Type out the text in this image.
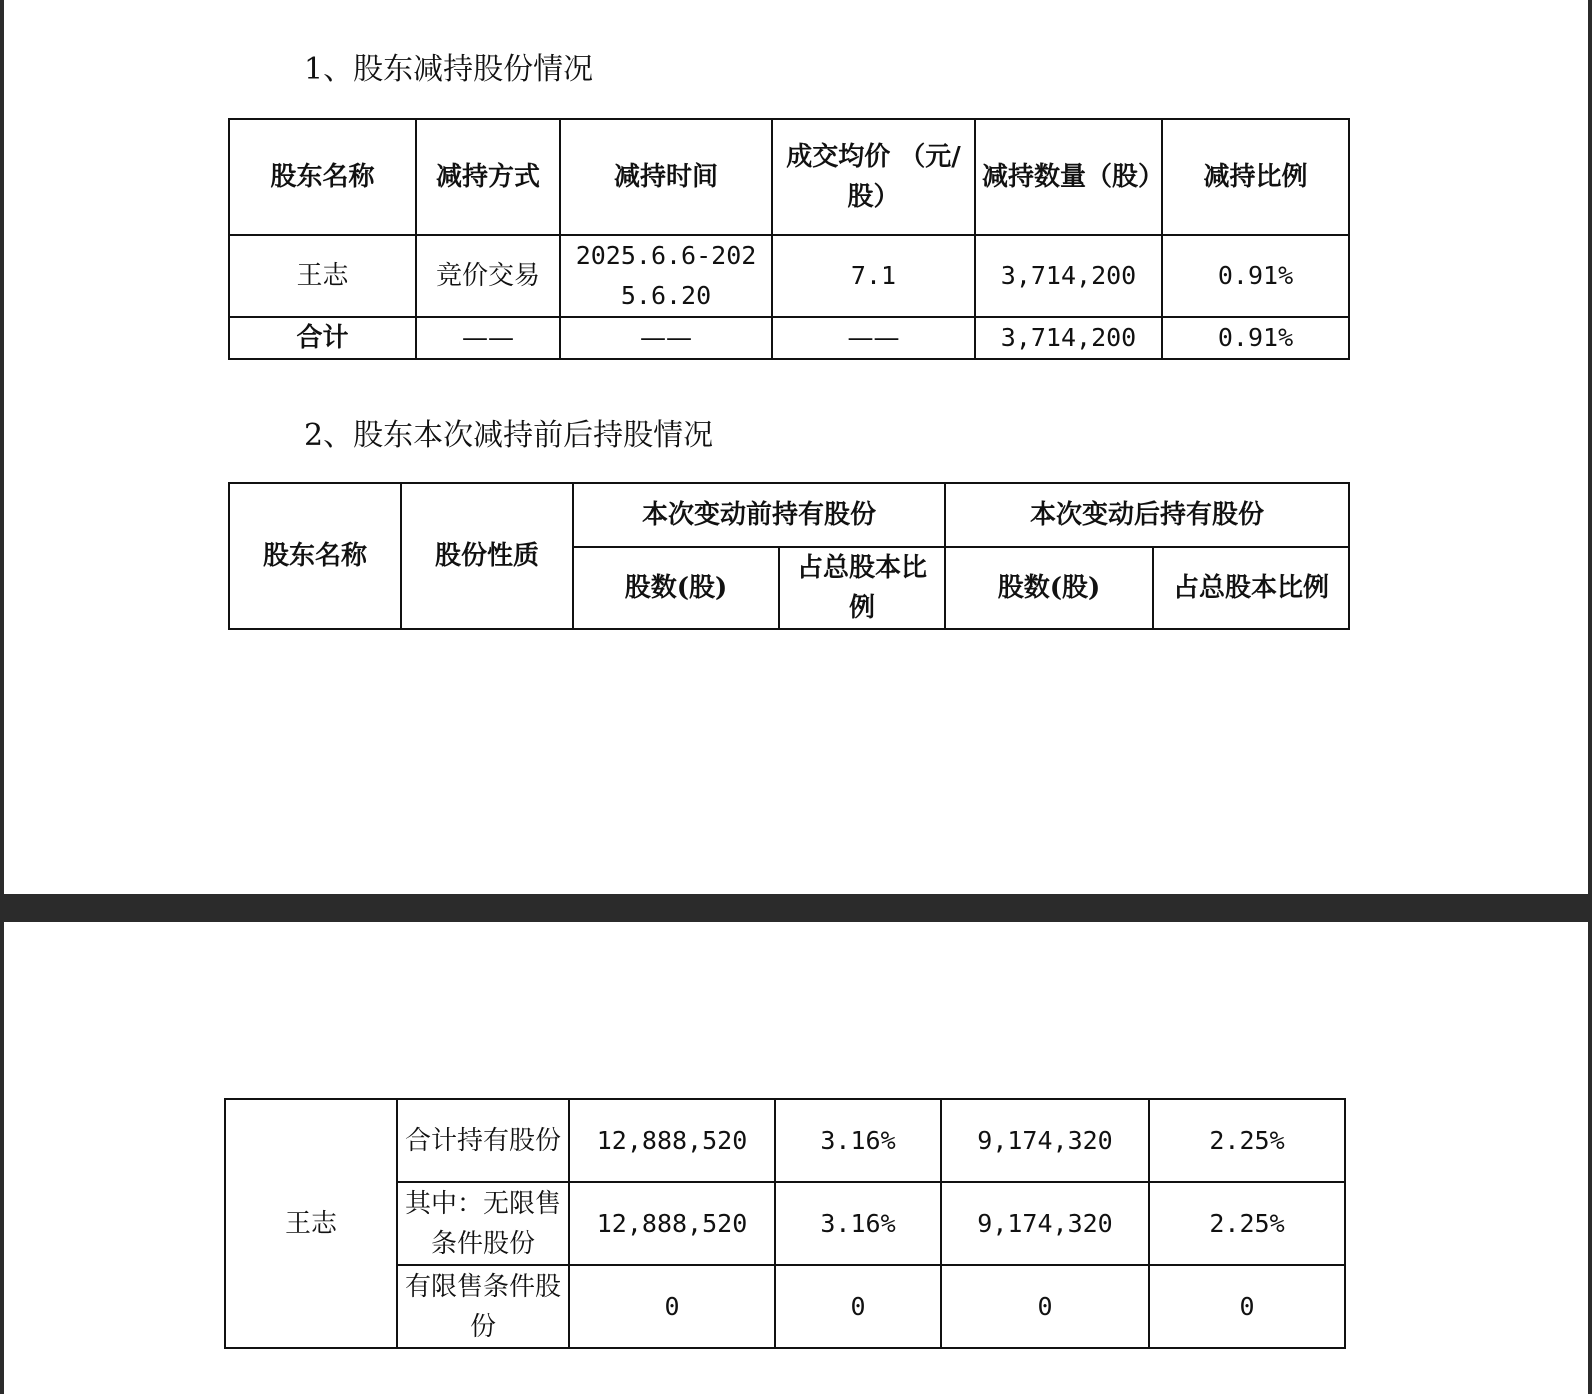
1、股东减持股份情况
股东名称	减持方式	减持时间	成交均价 （元/股）	减持数量（股）	减持比例
王志	竞价交易	2025.6.6-2025.6.20	7.1	3,714,200	0.91%
合计	——	——	——	3,714,200	0.91%
2、股东本次减持前后持股情况
股东名称	股份性质	本次变动前持有股份		本次变动后持有股份	
		股数(股)	占总股本比例	股数(股)	占总股本比例
王志	合计持有股份	12,888,520	3.16%	9,174,320	2.25%
	其中：无限售条件股份	12,888,520	3.16%	9,174,320	2.25%
	有限售条件股份	0	0	0	0
